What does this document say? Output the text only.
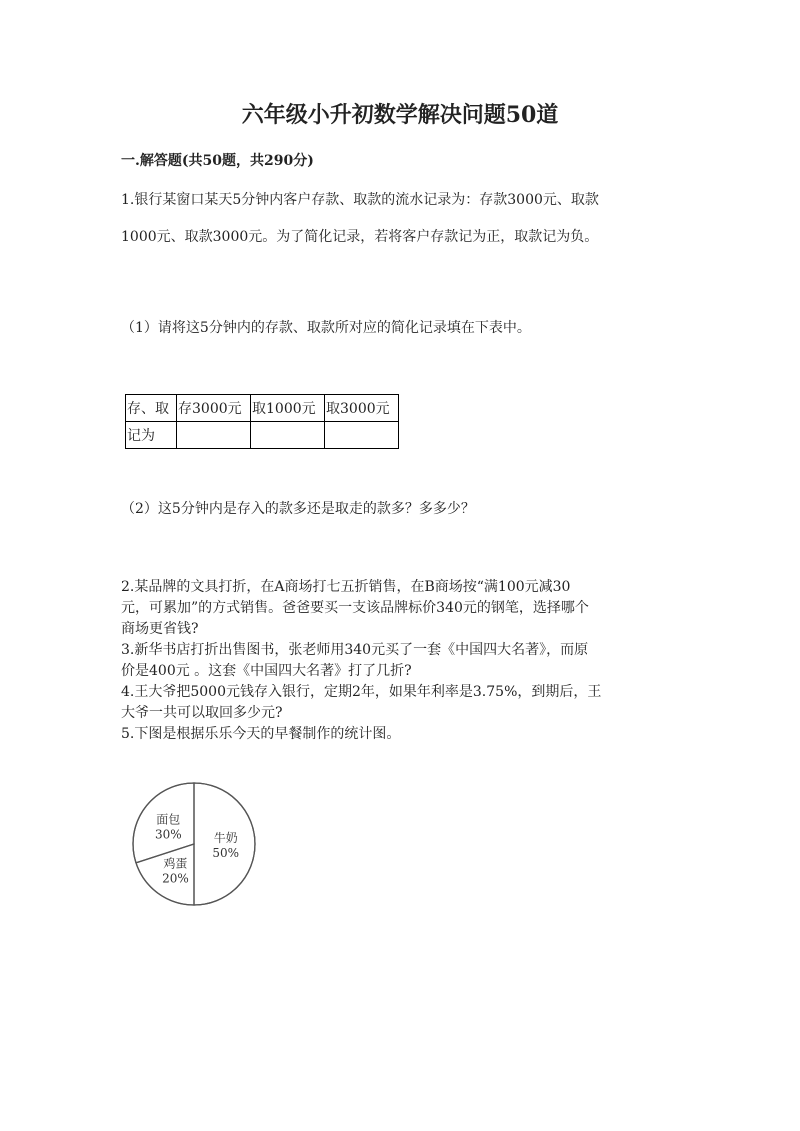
六年级小升初数学解决问题50道
一.解答题(共50题，共290分)
1.银行某窗口某天5分钟内客户存款、取款的流水记录为：存款3000元、取款
1000元、取款3000元。为了简化记录，若将客户存款记为正，取款记为负。
（1）请将这5分钟内的存款、取款所对应的简化记录填在下表中。
存、取	存3000元	取1000元	取3000元
记为			
（2）这5分钟内是存入的款多还是取走的款多？多多少？
2.某品牌的文具打折，在A商场打七五折销售，在B商场按“满100元减30
元，可累加”的方式销售。爸爸要买一支该品牌标价340元的钢笔，选择哪个
商场更省钱?
3.新华书店打折出售图书，张老师用340元买了一套《中国四大名著》，而原
价是400元 。这套《中国四大名著》打了几折?
4.王大爷把5000元钱存入银行，定期2年，如果年利率是3.75%，到期后，王
大爷一共可以取回多少元?
5.下图是根据乐乐今天的早餐制作的统计图。
牛奶
50%
鸡蛋
20%
面包
30%
